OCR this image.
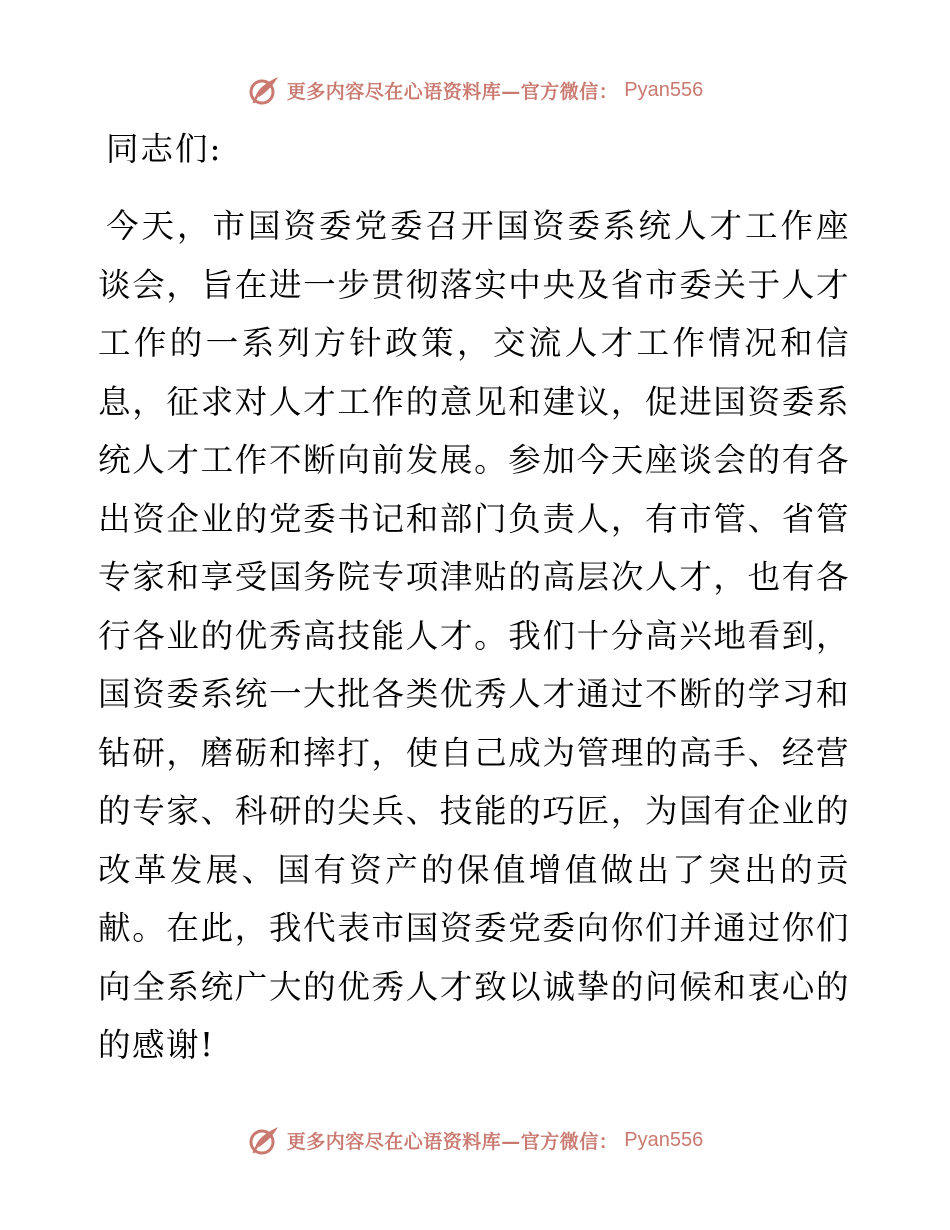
更多内容尽在心语资料库—官方微信： Pyan556

同志们:

今天，市国资委党委召开国资委系统人才工作座谈会，旨在进一步贯彻落实中央及省市委关于人才工作的一系列方针政策，交流人才工作情况和信息，征求对人才工作的意见和建议，促进国资委系统人才工作不断向前发展。参加今天座谈会的有各出资企业的党委书记和部门负责人，有市管、省管专家和享受国务院专项津贴的高层次人才，也有各行各业的优秀高技能人才。我们十分高兴地看到，国资委系统一大批各类优秀人才通过不断的学习和钻研，磨砺和摔打，使自己成为管理的高手、经营的专家、科研的尖兵、技能的巧匠，为国有企业的改革发展、国有资产的保值增值做出了突出的贡献。在此，我代表市国资委党委向你们并通过你们向全系统广大的优秀人才致以诚挚的问候和衷心的的感谢!

更多内容尽在心语资料库—官方微信： Pyan556
